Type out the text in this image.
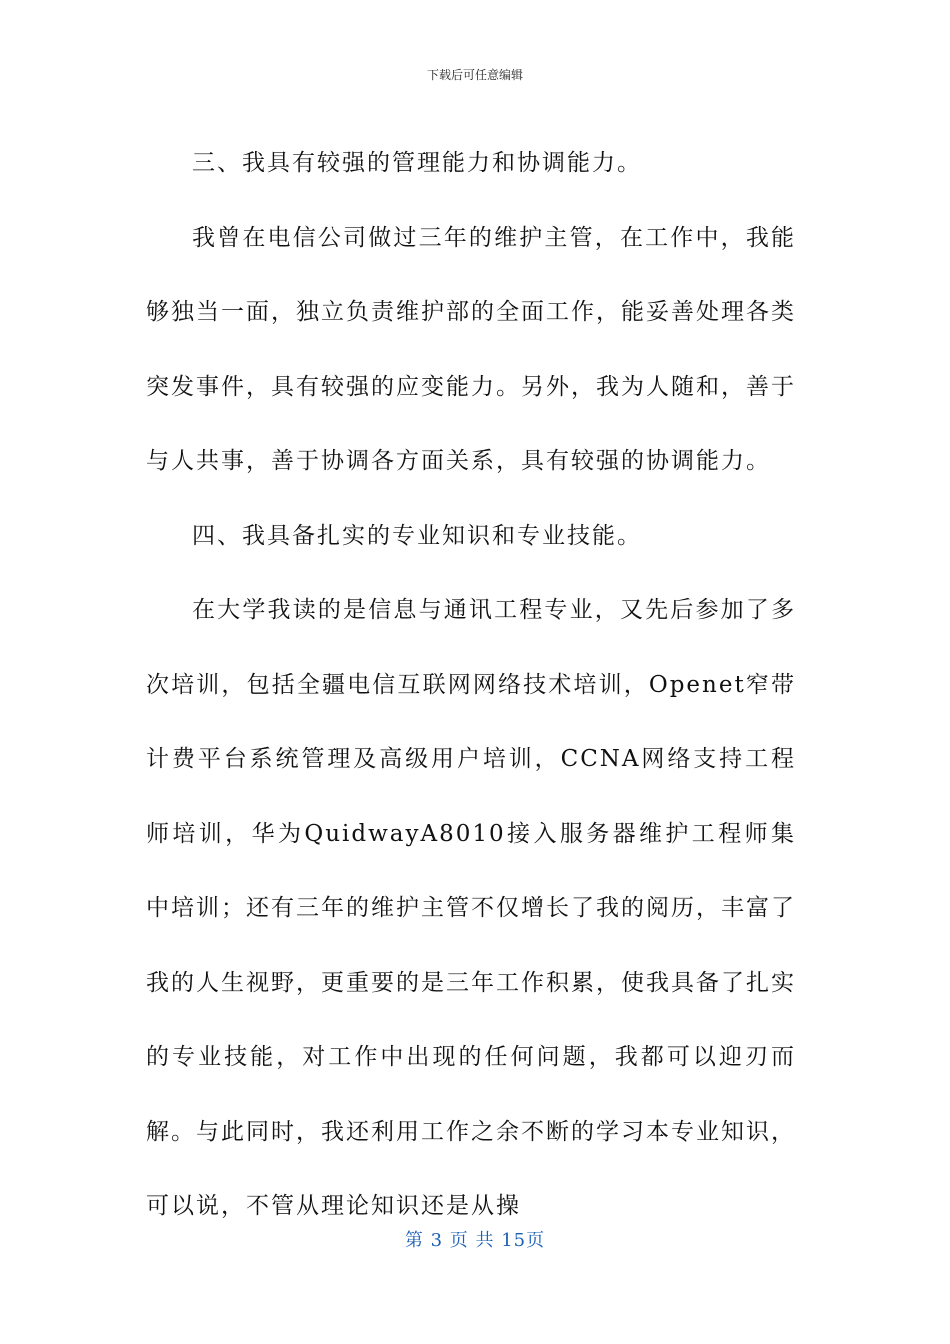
下载后可任意编辑

三、我具有较强的管理能力和协调能力。

我曾在电信公司做过三年的维护主管，在工作中，我能够独当一面，独立负责维护部的全面工作，能妥善处理各类突发事件，具有较强的应变能力。另外，我为人随和，善于与人共事，善于协调各方面关系，具有较强的协调能力。

四、我具备扎实的专业知识和专业技能。

在大学我读的是信息与通讯工程专业，又先后参加了多次培训，包括全疆电信互联网网络技术培训，Openet窄带计费平台系统管理及高级用户培训，CCNA网络支持工程师培训，华为QuidwayA8010接入服务器维护工程师集中培训；还有三年的维护主管不仅增长了我的阅历，丰富了我的人生视野，更重要的是三年工作积累，使我具备了扎实的专业技能，对工作中出现的任何问题，我都可以迎刃而解。与此同时，我还利用工作之余不断的学习本专业知识，可以说，不管从理论知识还是从操

第 3 页 共 15页
